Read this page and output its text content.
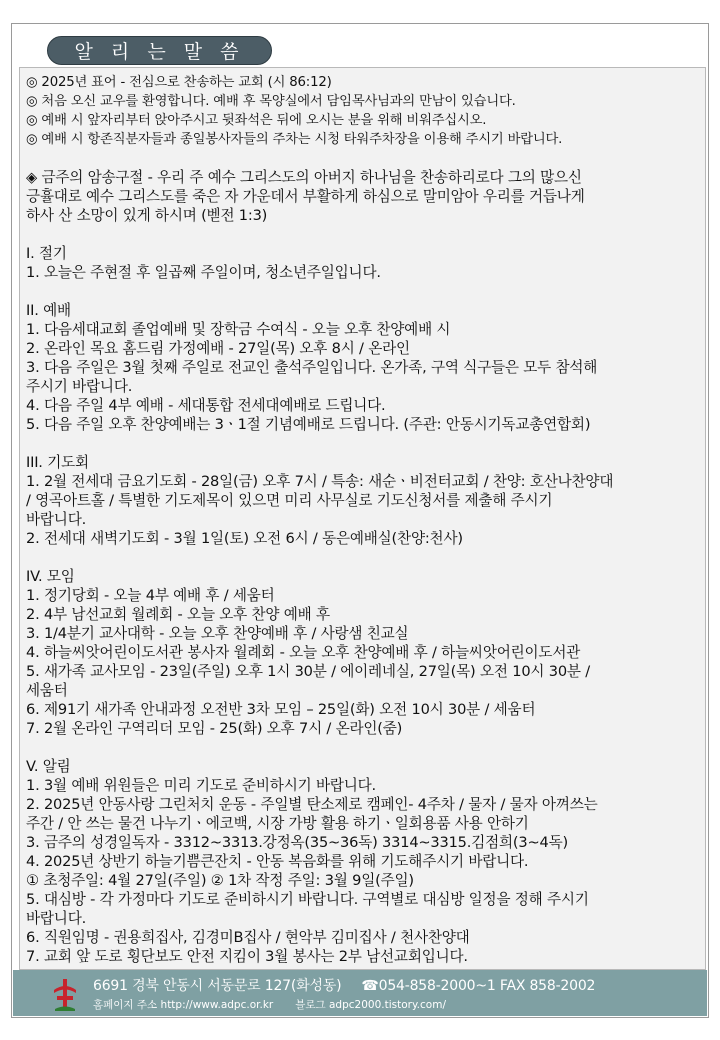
알 리 는 말 씀
◎ 2025년 표어 - 전심으로 찬송하는 교회 (시 86:12)
◎ 처음 오신 교우를 환영합니다. 예배 후 목양실에서 담임목사님과의 만남이 있습니다.
◎ 예배 시 앞자리부터 앉아주시고 뒷좌석은 뒤에 오시는 분을 위해 비워주십시오.
◎ 예배 시 항존직분자들과 종일봉사자들의 주차는 시청 타워주차장을 이용해 주시기 바랍니다.
◈ 금주의 암송구절 - 우리 주 예수 그리스도의 아버지 하나님을 찬송하리로다 그의 많으신
긍휼대로 예수 그리스도를 죽은 자 가운데서 부활하게 하심으로 말미암아 우리를 거듭나게
하사 산 소망이 있게 하시며 (벧전 1:3)
I. 절기
1. 오늘은 주현절 후 일곱째 주일이며, 청소년주일입니다.
II. 예배
1. 다음세대교회 졸업예배 및 장학금 수여식 - 오늘 오후 찬양예배 시
2. 온라인 목요 홈드림 가정예배 - 27일(목) 오후 8시 / 온라인
3. 다음 주일은 3월 첫째 주일로 전교인 출석주일입니다. 온가족, 구역 식구들은 모두 참석해
주시기 바랍니다.
4. 다음 주일 4부 예배 - 세대통합 전세대예배로 드립니다.
5. 다음 주일 오후 찬양예배는 3ㆍ1절 기념예배로 드립니다. (주관: 안동시기독교총연합회)
III. 기도회
1. 2월 전세대 금요기도회 - 28일(금) 오후 7시 / 특송: 새순ㆍ비전터교회 / 찬양: 호산나찬양대
/ 영곡아트홀 / 특별한 기도제목이 있으면 미리 사무실로 기도신청서를 제출해 주시기
바랍니다.
2. 전세대 새벽기도회 - 3월 1일(토) 오전 6시 / 동은예배실(찬양:천사)
IV. 모임
1. 정기당회 - 오늘 4부 예배 후 / 세움터
2. 4부 남선교회 월례회 - 오늘 오후 찬양 예배 후
3. 1/4분기 교사대학 - 오늘 오후 찬양예배 후 / 사랑샘 친교실
4. 하늘씨앗어린이도서관 봉사자 월례회 - 오늘 오후 찬양예배 후 / 하늘씨앗어린이도서관
5. 새가족 교사모임 - 23일(주일) 오후 1시 30분 / 에이레네실, 27일(목) 오전 10시 30분 /
세움터
6. 제91기 새가족 안내과정 오전반 3차 모임 – 25일(화) 오전 10시 30분 / 세움터
7. 2월 온라인 구역리더 모임 - 25(화) 오후 7시 / 온라인(줌)
V. 알림
1. 3월 예배 위원들은 미리 기도로 준비하시기 바랍니다.
2. 2025년 안동사랑 그린처치 운동 - 주일별 탄소제로 캠페인- 4주차 / 물자 / 물자 아껴쓰는
주간 / 안 쓰는 물건 나누기ㆍ에코백, 시장 가방 활용 하기ㆍ일회용품 사용 안하기
3. 금주의 성경일독자 - 3312~3313.강정옥(35~36독) 3314~3315.김점희(3~4독)
4. 2025년 상반기 하늘기쁨큰잔치 - 안동 복음화를 위해 기도해주시기 바랍니다.
① 초청주일: 4월 27일(주일) ② 1차 작정 주일: 3월 9일(주일)
5. 대심방 - 각 가정마다 기도로 준비하시기 바랍니다. 구역별로 대심방 일정을 정해 주시기
바랍니다.
6. 직원임명 - 권용희집사, 김경미B집사 / 현악부 김미집사 / 천사찬양대
7. 교회 앞 도로 횡단보도 안전 지킴이 3월 봉사는 2부 남선교회입니다.
6691 경북 안동시 서동문로 127(화성동) ☎054-858-2000~1 FAX 858-2002
홈페이지 주소 http://www.adpc.or.kr 블로그 adpc2000.tistory.com/
